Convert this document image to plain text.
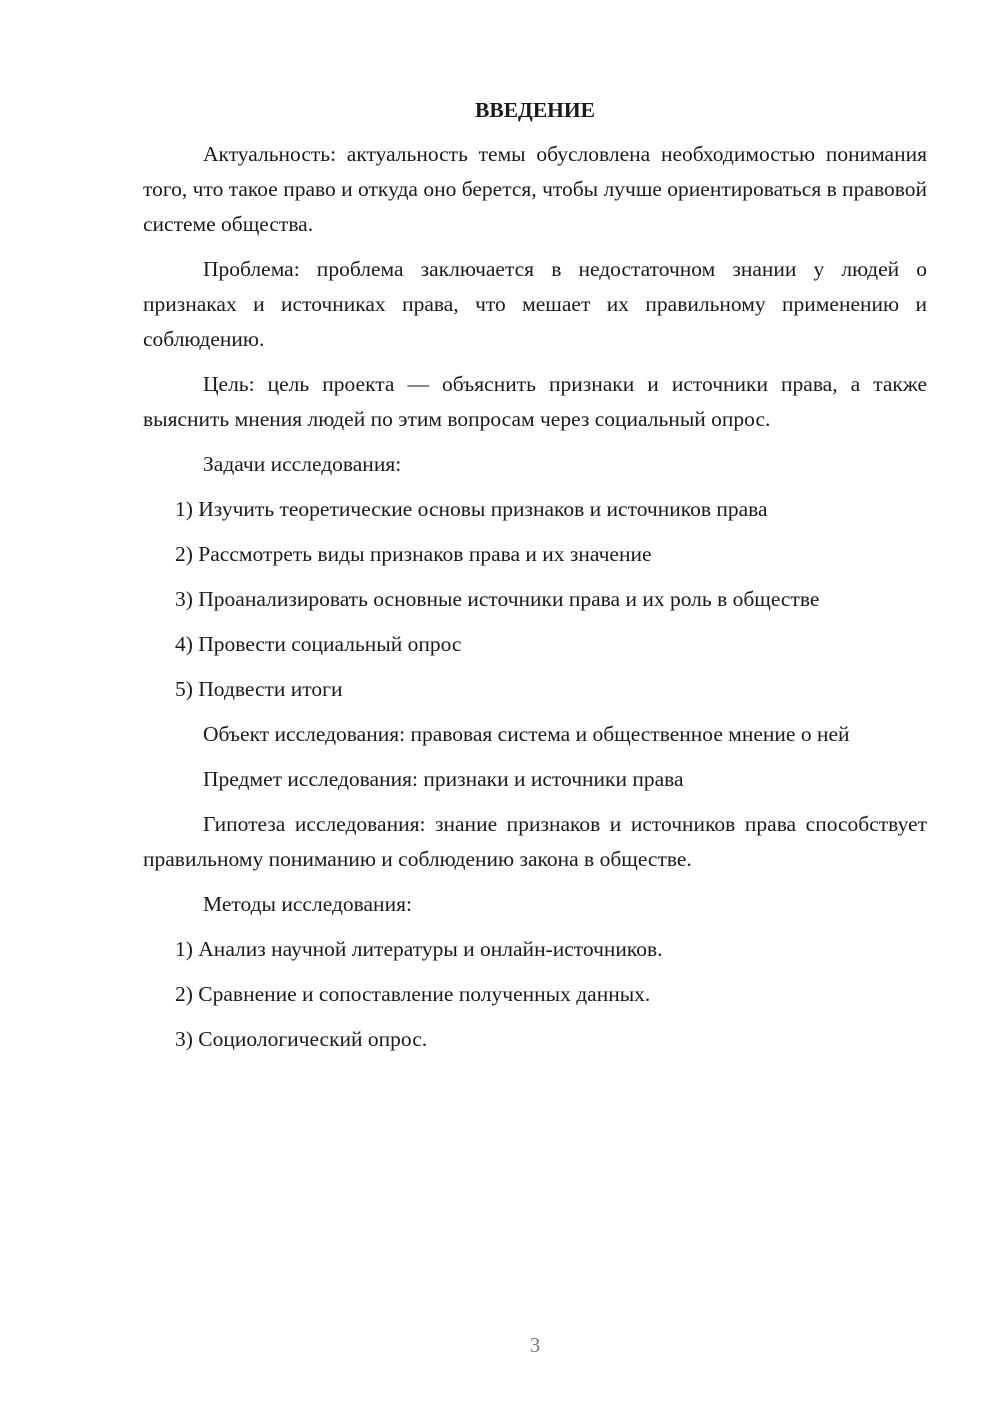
ВВЕДЕНИЕ

Актуальность: актуальность темы обусловлена необходимостью понимания того, что такое право и откуда оно берется, чтобы лучше ориентироваться в правовой системе общества.

Проблема: проблема заключается в недостаточном знании у людей о признаках и источниках права, что мешает их правильному применению и соблюдению.

Цель: цель проекта — объяснить признаки и источники права, а также выяснить мнения людей по этим вопросам через социальный опрос.

Задачи исследования:

1) Изучить теоретические основы признаков и источников права

2) Рассмотреть виды признаков права и их значение

3) Проанализировать основные источники права и их роль в обществе

4) Провести социальный опрос

5) Подвести итоги

Объект исследования: правовая система и общественное мнение о ней

Предмет исследования: признаки и источники права

Гипотеза исследования: знание признаков и источников права способствует правильному пониманию и соблюдению закона в обществе.

Методы исследования:

1) Анализ научной литературы и онлайн-источников.

2) Сравнение и сопоставление полученных данных.

3) Социологический опрос.

3
